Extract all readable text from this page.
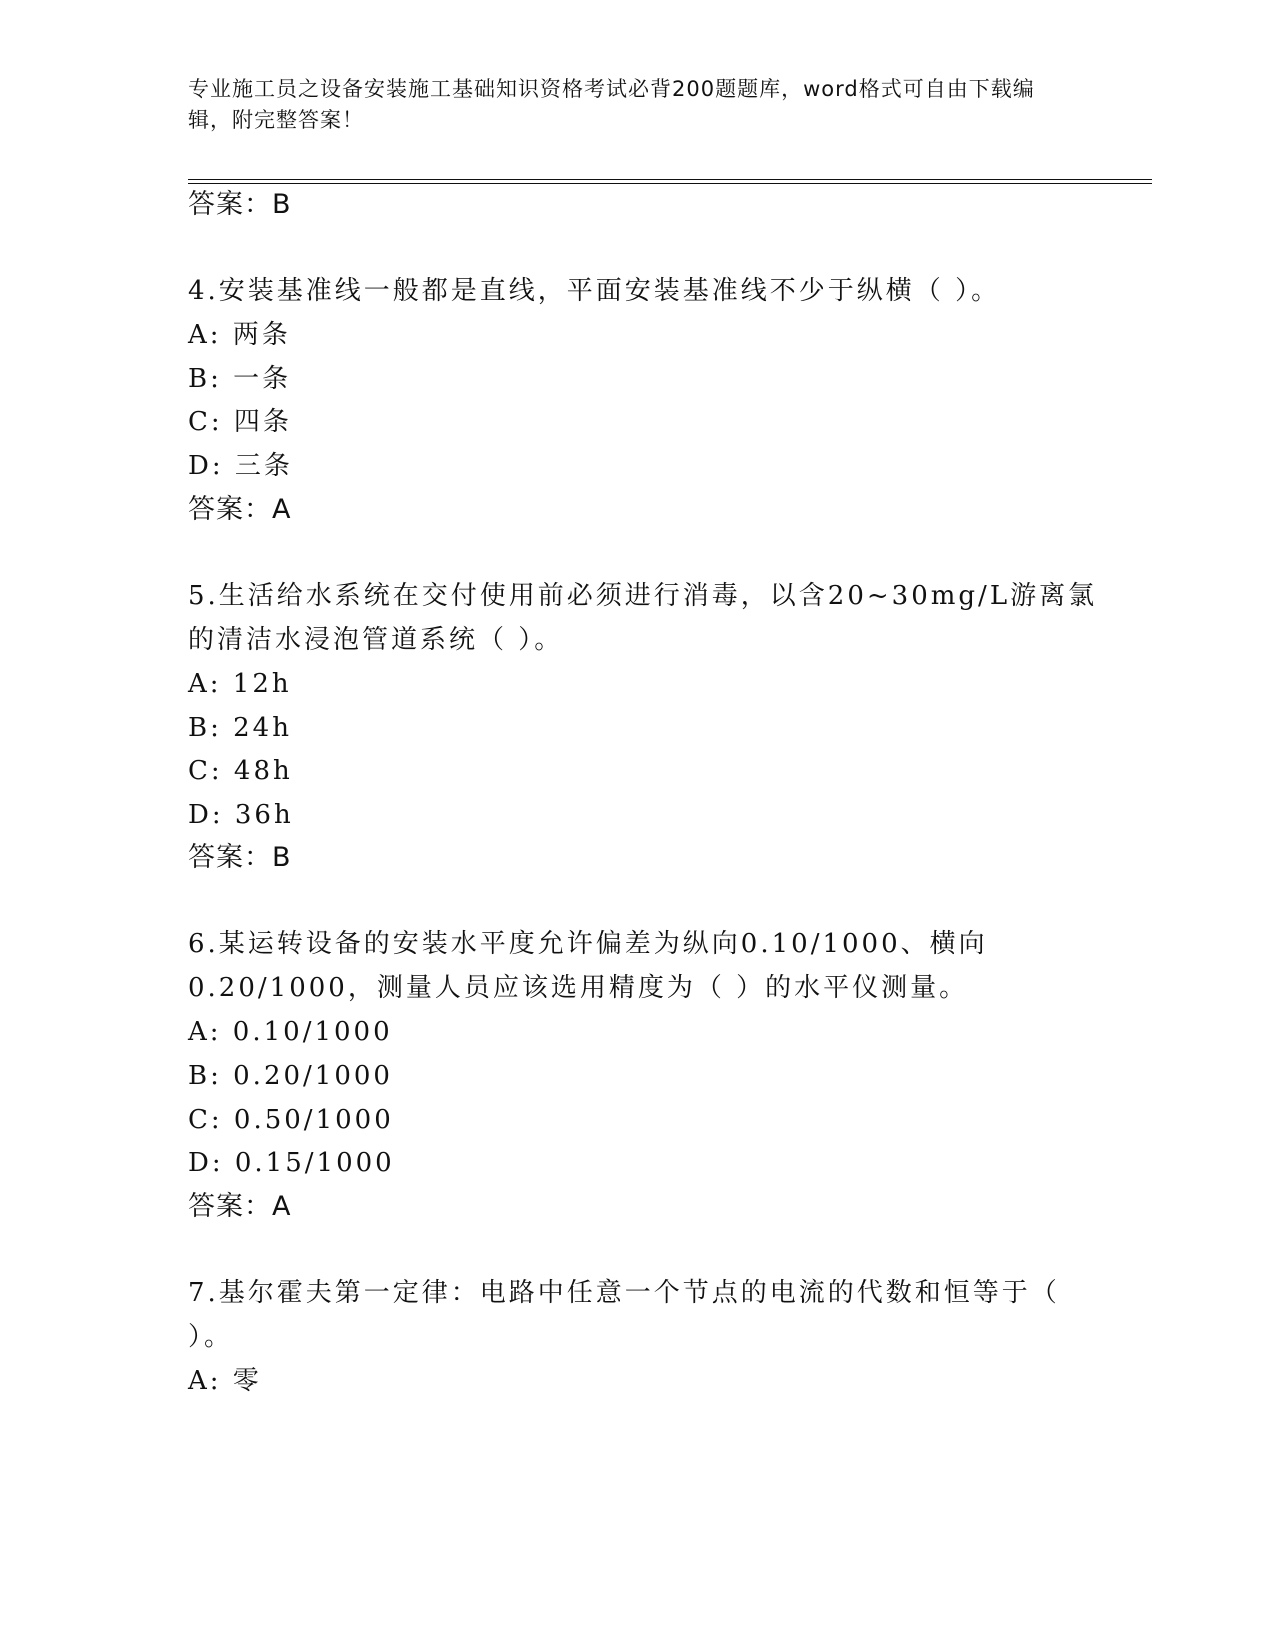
专业施工员之设备安装施工基础知识资格考试必背200题题库，word格式可自由下载编辑，附完整答案！

答案：B
4.安装基准线一般都是直线，平面安装基准线不少于纵横（ ）。
A: 两条
B: 一条
C: 四条
D: 三条
答案：A
5.生活给水系统在交付使用前必须进行消毒，以含20~30mg/L游离氯
的清洁水浸泡管道系统（ ）。
A: 12h
B: 24h
C: 48h
D: 36h
答案：B
6.某运转设备的安装水平度允许偏差为纵向0.10/1000、横向
0.20/1000，测量人员应该选用精度为（ ）的水平仪测量。
A: 0.10/1000
B: 0.20/1000
C: 0.50/1000
D: 0.15/1000
答案：A
7.基尔霍夫第一定律：电路中任意一个节点的电流的代数和恒等于（
）。
A: 零
